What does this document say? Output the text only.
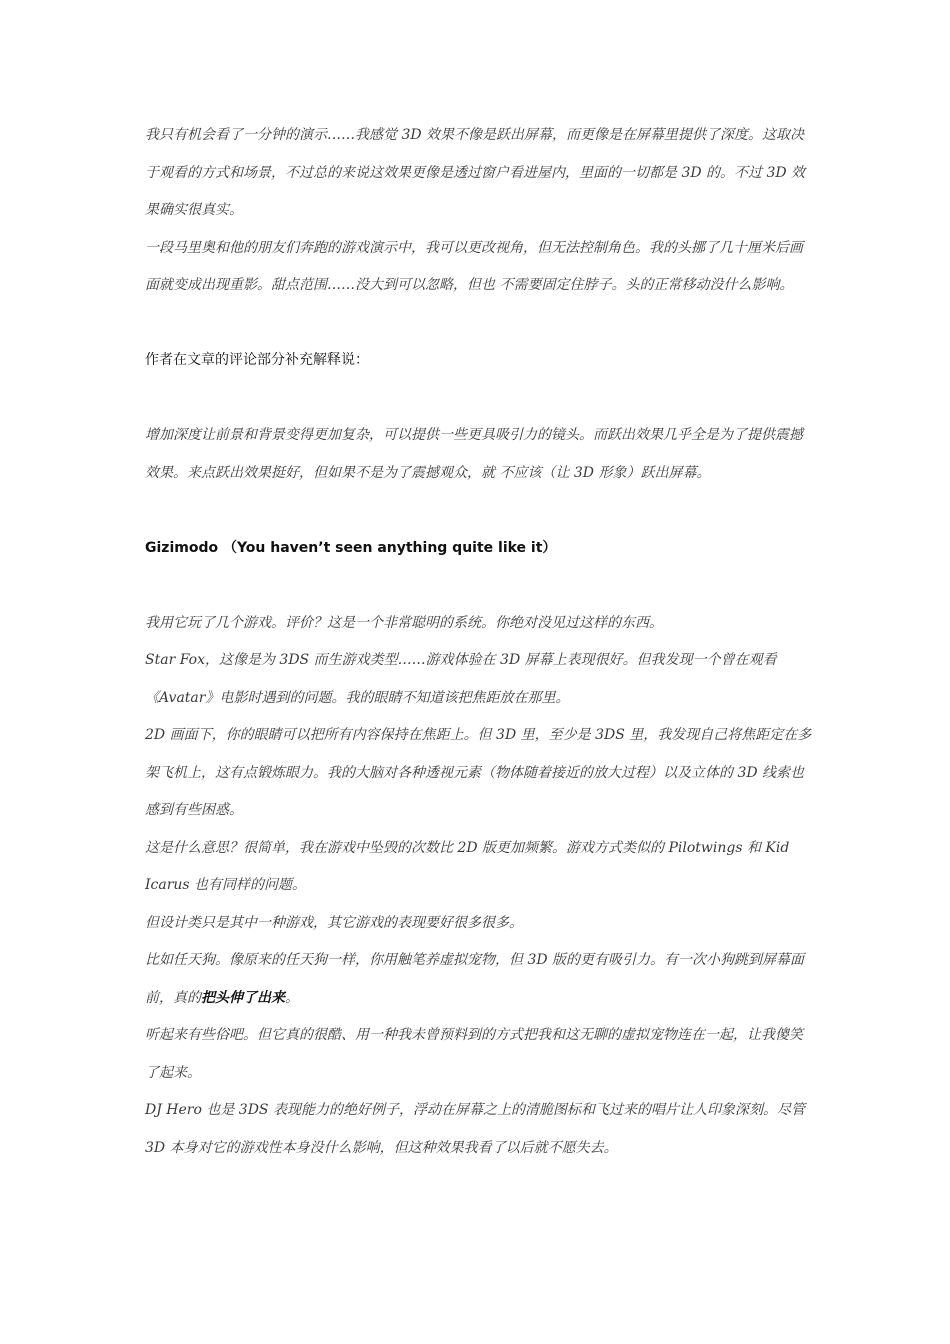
我只有机会看了一分钟的演示……我感觉 3D 效果不像是跃出屏幕，而更像是在屏幕里提供了深度。这取决于观看的方式和场景，不过总的来说这效果更像是透过窗户看进屋内，里面的一切都是 3D 的。不过 3D 效果确实很真实。

一段马里奥和他的朋友们奔跑的游戏演示中，我可以更改视角，但无法控制角色。我的头挪了几十厘米后画面就变成出现重影。甜点范围……没大到可以忽略，但也 不需要固定住脖子。头的正常移动没什么影响。

作者在文章的评论部分补充解释说：

增加深度让前景和背景变得更加复杂，可以提供一些更具吸引力的镜头。而跃出效果几乎全是为了提供震撼效果。来点跃出效果挺好，但如果不是为了震撼观众，就 不应该（让 3D 形象）跃出屏幕。

Gizimodo （You haven’t seen anything quite like it）

我用它玩了几个游戏。评价？这是一个非常聪明的系统。你绝对没见过这样的东西。

Star Fox，这像是为 3DS 而生游戏类型……游戏体验在 3D 屏幕上表现很好。但我发现一个曾在观看《Avatar》电影时遇到的问题。我的眼睛不知道该把焦距放在那里。

2D 画面下，你的眼睛可以把所有内容保持在焦距上。但 3D 里，至少是 3DS 里，我发现自己将焦距定在多架飞机上，这有点锻炼眼力。我的大脑对各种透视元素（物体随着接近的放大过程）以及立体的 3D 线索也感到有些困惑。

这是什么意思？很简单，我在游戏中坠毁的次数比 2D 版更加频繁。游戏方式类似的 Pilotwings 和 Kid Icarus 也有同样的问题。

但设计类只是其中一种游戏，其它游戏的表现要好很多很多。

比如任天狗。像原来的任天狗一样，你用触笔养虚拟宠物，但 3D 版的更有吸引力。有一次小狗跳到屏幕面前，真的把头伸了出来。

听起来有些俗吧。但它真的很酷、用一种我未曾预料到的方式把我和这无聊的虚拟宠物连在一起，让我傻笑了起来。

DJ Hero 也是 3DS 表现能力的绝好例子，浮动在屏幕之上的清脆图标和飞过来的唱片让人印象深刻。尽管 3D 本身对它的游戏性本身没什么影响，但这种效果我看了以后就不愿失去。
